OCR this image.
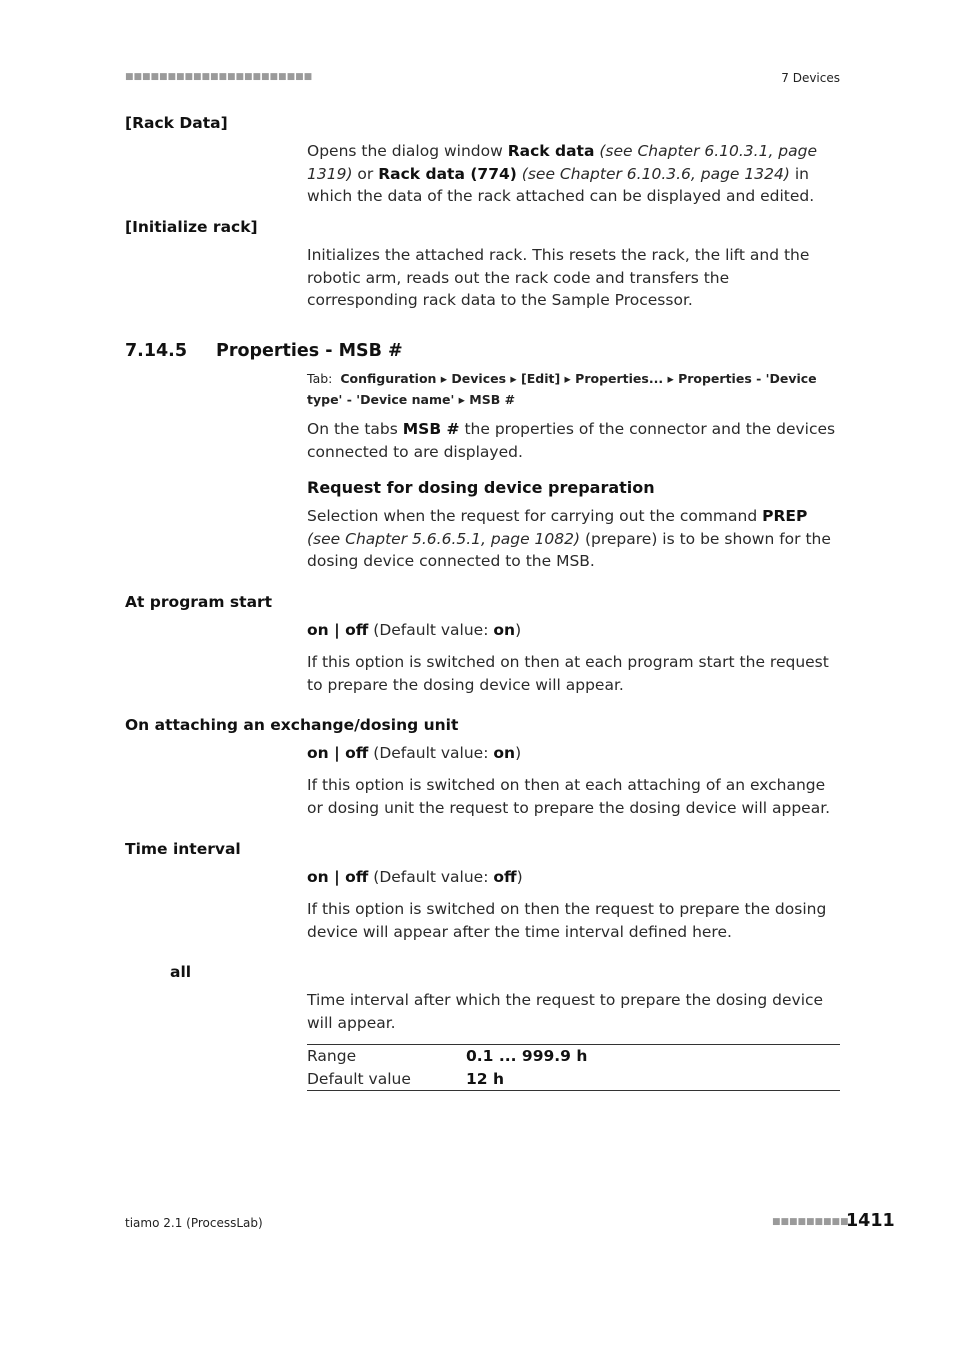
■■■■■■■■■■■■■■■■■■■■■■	7 Devices
[Rack Data]
Opens the dialog window Rack data (see Chapter 6.10.3.1, page 1319) or Rack data (774) (see Chapter 6.10.3.6, page 1324) in which the data of the rack attached can be displayed and edited.
[Initialize rack]
Initializes the attached rack. This resets the rack, the lift and the robotic arm, reads out the rack code and transfers the corresponding rack data to the Sample Processor.
7.14.5 Properties - MSB #
Tab: Configuration ▸ Devices ▸ [Edit] ▸ Properties... ▸ Properties - 'Device type' - 'Device name' ▸ MSB #
On the tabs MSB # the properties of the connector and the devices connected to are displayed.
Request for dosing device preparation
Selection when the request for carrying out the command PREP (see Chapter 5.6.6.5.1, page 1082) (prepare) is to be shown for the dosing device connected to the MSB.
At program start
on | off (Default value: on)
If this option is switched on then at each program start the request to prepare the dosing device will appear.
On attaching an exchange/dosing unit
on | off (Default value: on)
If this option is switched on then at each attaching of an exchange or dosing unit the request to prepare the dosing device will appear.
Time interval
on | off (Default value: off)
If this option is switched on then the request to prepare the dosing device will appear after the time interval defined here.
all
Time interval after which the request to prepare the dosing device will appear.
Range	0.1 ... 999.9 h
Default value	12 h
tiamo 2.1 (ProcessLab)	■■■■■■■■■
1411
